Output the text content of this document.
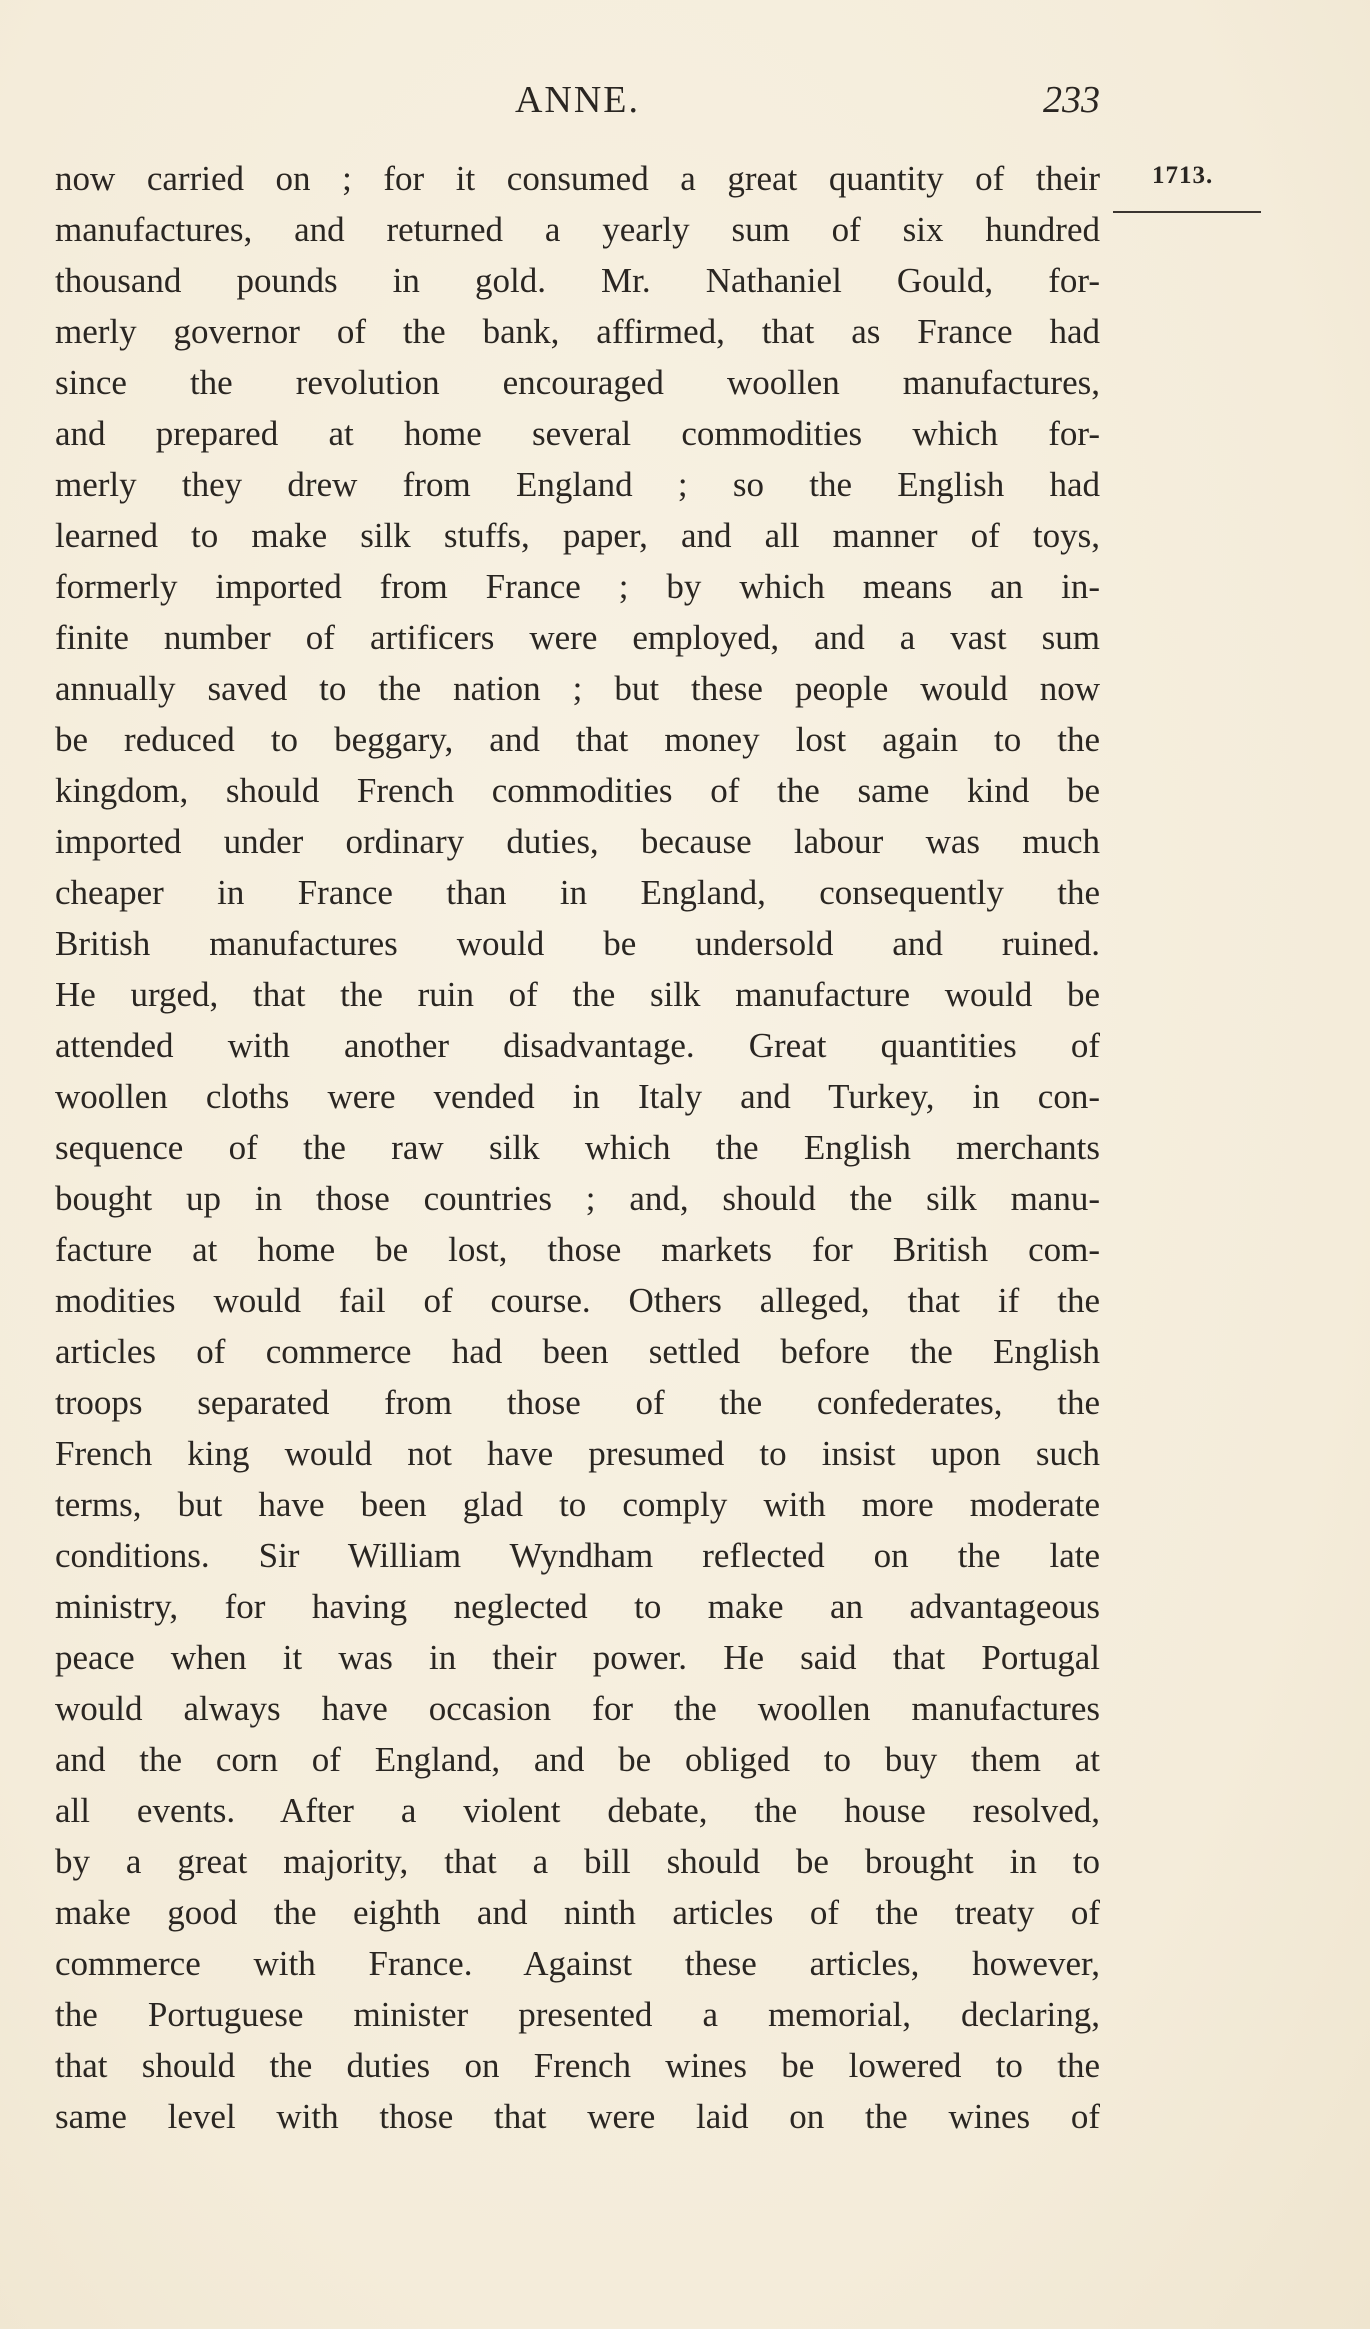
ANNE.	233
1713.
now carried on ; for it consumed a great quantity of their
manufactures, and returned a yearly sum of six hundred
thousand pounds in gold. Mr. Nathaniel Gould, for-
merly governor of the bank, affirmed, that as France had
since the revolution encouraged woollen manufactures,
and prepared at home several commodities which for-
merly they drew from England ; so the English had
learned to make silk stuffs, paper, and all manner of toys,
formerly imported from France ; by which means an in-
finite number of artificers were employed, and a vast sum
annually saved to the nation ; but these people would now
be reduced to beggary, and that money lost again to the
kingdom, should French commodities of the same kind be
imported under ordinary duties, because labour was much
cheaper in France than in England, consequently the
British manufactures would be undersold and ruined.
He urged, that the ruin of the silk manufacture would be
attended with another disadvantage. Great quantities of
woollen cloths were vended in Italy and Turkey, in con-
sequence of the raw silk which the English merchants
bought up in those countries ; and, should the silk manu-
facture at home be lost, those markets for British com-
modities would fail of course. Others alleged, that if the
articles of commerce had been settled before the English
troops separated from those of the confederates, the
French king would not have presumed to insist upon such
terms, but have been glad to comply with more moderate
conditions. Sir William Wyndham reflected on the late
ministry, for having neglected to make an advantageous
peace when it was in their power. He said that Portugal
would always have occasion for the woollen manufactures
and the corn of England, and be obliged to buy them at
all events. After a violent debate, the house resolved,
by a great majority, that a bill should be brought in to
make good the eighth and ninth articles of the treaty of
commerce with France. Against these articles, however,
the Portuguese minister presented a memorial, declaring,
that should the duties on French wines be lowered to the
same level with those that were laid on the wines of
